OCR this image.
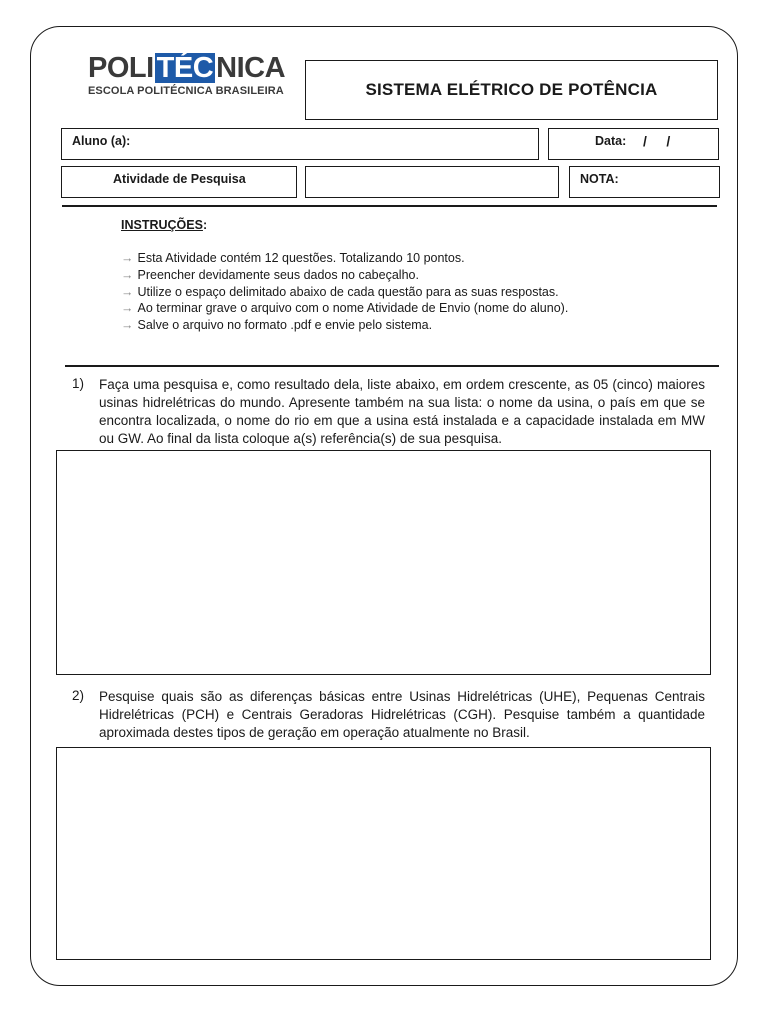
POLI TÉC NICA
ESCOLA POLITÉCNICA BRASILEIRA	SISTEMA ELÉTRICO DE POTÊNCIA
Aluno (a):	Data: /     /
Atividade de Pesquisa	NOTA:
INSTRUÇÕES:
→ Esta Atividade contém 12 questões. Totalizando 10 pontos.
→ Preencher devidamente seus dados no cabeçalho.
→ Utilize o espaço delimitado abaixo de cada questão para as suas respostas.
→ Ao terminar grave o arquivo com o nome Atividade de Envio (nome do aluno).
→ Salve o arquivo no formato .pdf e envie pelo sistema.
1) Faça uma pesquisa e, como resultado dela, liste abaixo, em ordem crescente, as 05 (cinco) maiores usinas hidrelétricas do mundo. Apresente também na sua lista: o nome da usina, o país em que se encontra localizada, o nome do rio em que a usina está instalada e a capacidade instalada em MW ou GW. Ao final da lista coloque a(s) referência(s) de sua pesquisa.
2) Pesquise quais são as diferenças básicas entre Usinas Hidrelétricas (UHE), Pequenas Centrais Hidrelétricas (PCH) e Centrais Geradoras Hidrelétricas (CGH). Pesquise também a quantidade aproximada destes tipos de geração em operação atualmente no Brasil.
